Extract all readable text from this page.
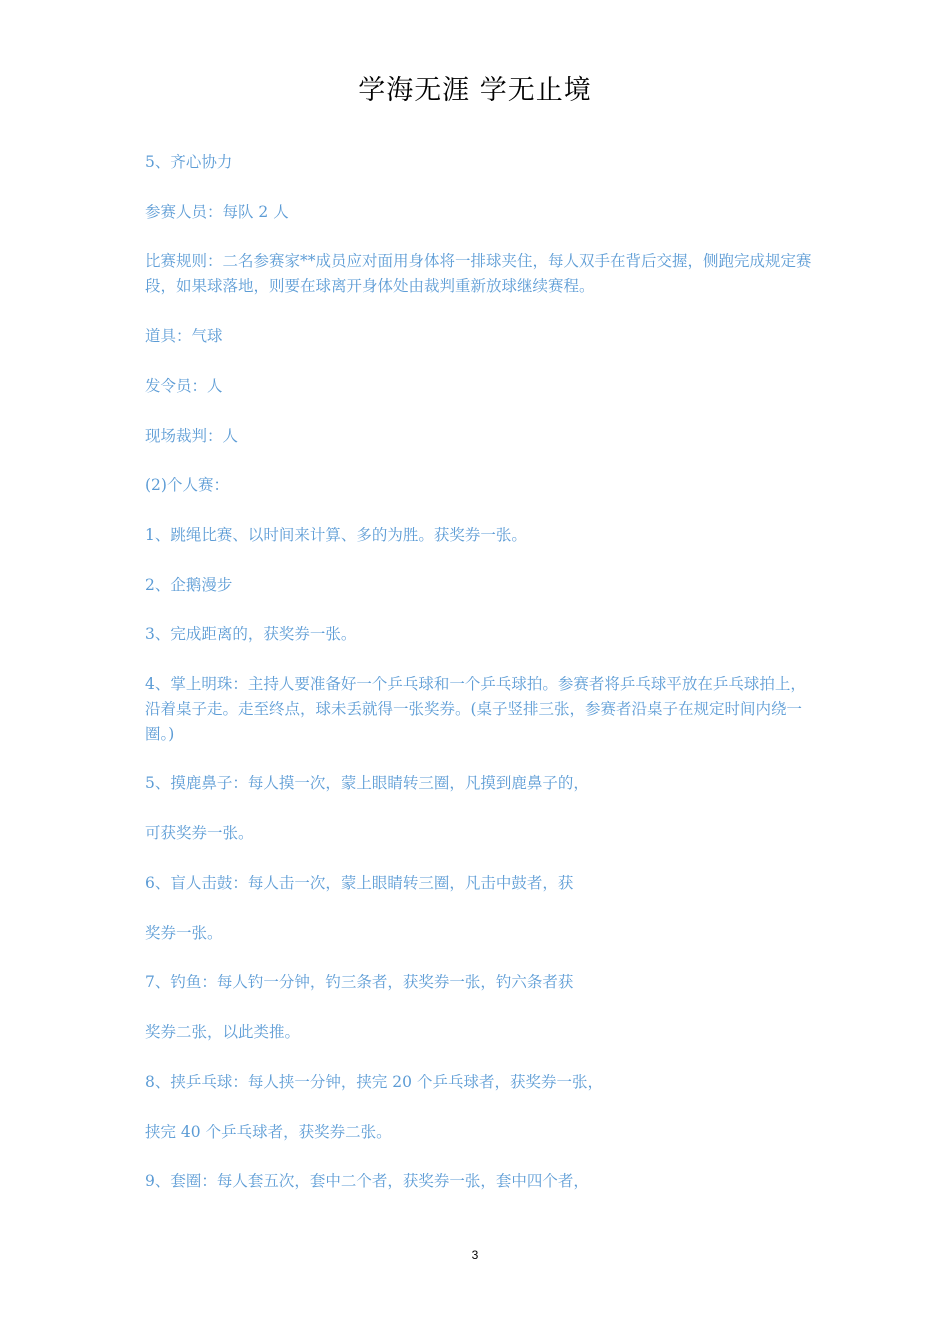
学海无涯 学无止境

5、齐心协力

参赛人员：每队 2 人

比赛规则：二名参赛家**成员应对面用身体将一排球夹住，每人双手在背后交握，侧跑完成规定赛段，如果球落地，则要在球离开身体处由裁判重新放球继续赛程。

道具：气球

发令员：人

现场裁判：人

(2)个人赛：

1、跳绳比赛、以时间来计算、多的为胜。获奖券一张。

2、企鹅漫步

3、完成距离的，获奖券一张。

4、掌上明珠：主持人要准备好一个乒乓球和一个乒乓球拍。参赛者将乒乓球平放在乒乓球拍上，沿着桌子走。走至终点，球未丢就得一张奖券。(桌子竖排三张，参赛者沿桌子在规定时间内绕一圈。)

5、摸鹿鼻子：每人摸一次，蒙上眼睛转三圈，凡摸到鹿鼻子的，

可获奖券一张。

6、盲人击鼓：每人击一次，蒙上眼睛转三圈，凡击中鼓者，获

奖券一张。

7、钓鱼：每人钓一分钟，钓三条者，获奖券一张，钓六条者获

奖券二张，以此类推。

8、挟乒乓球：每人挟一分钟，挟完 20 个乒乓球者，获奖券一张，

挟完 40 个乒乓球者，获奖券二张。

9、套圈：每人套五次，套中二个者，获奖券一张，套中四个者，

3
